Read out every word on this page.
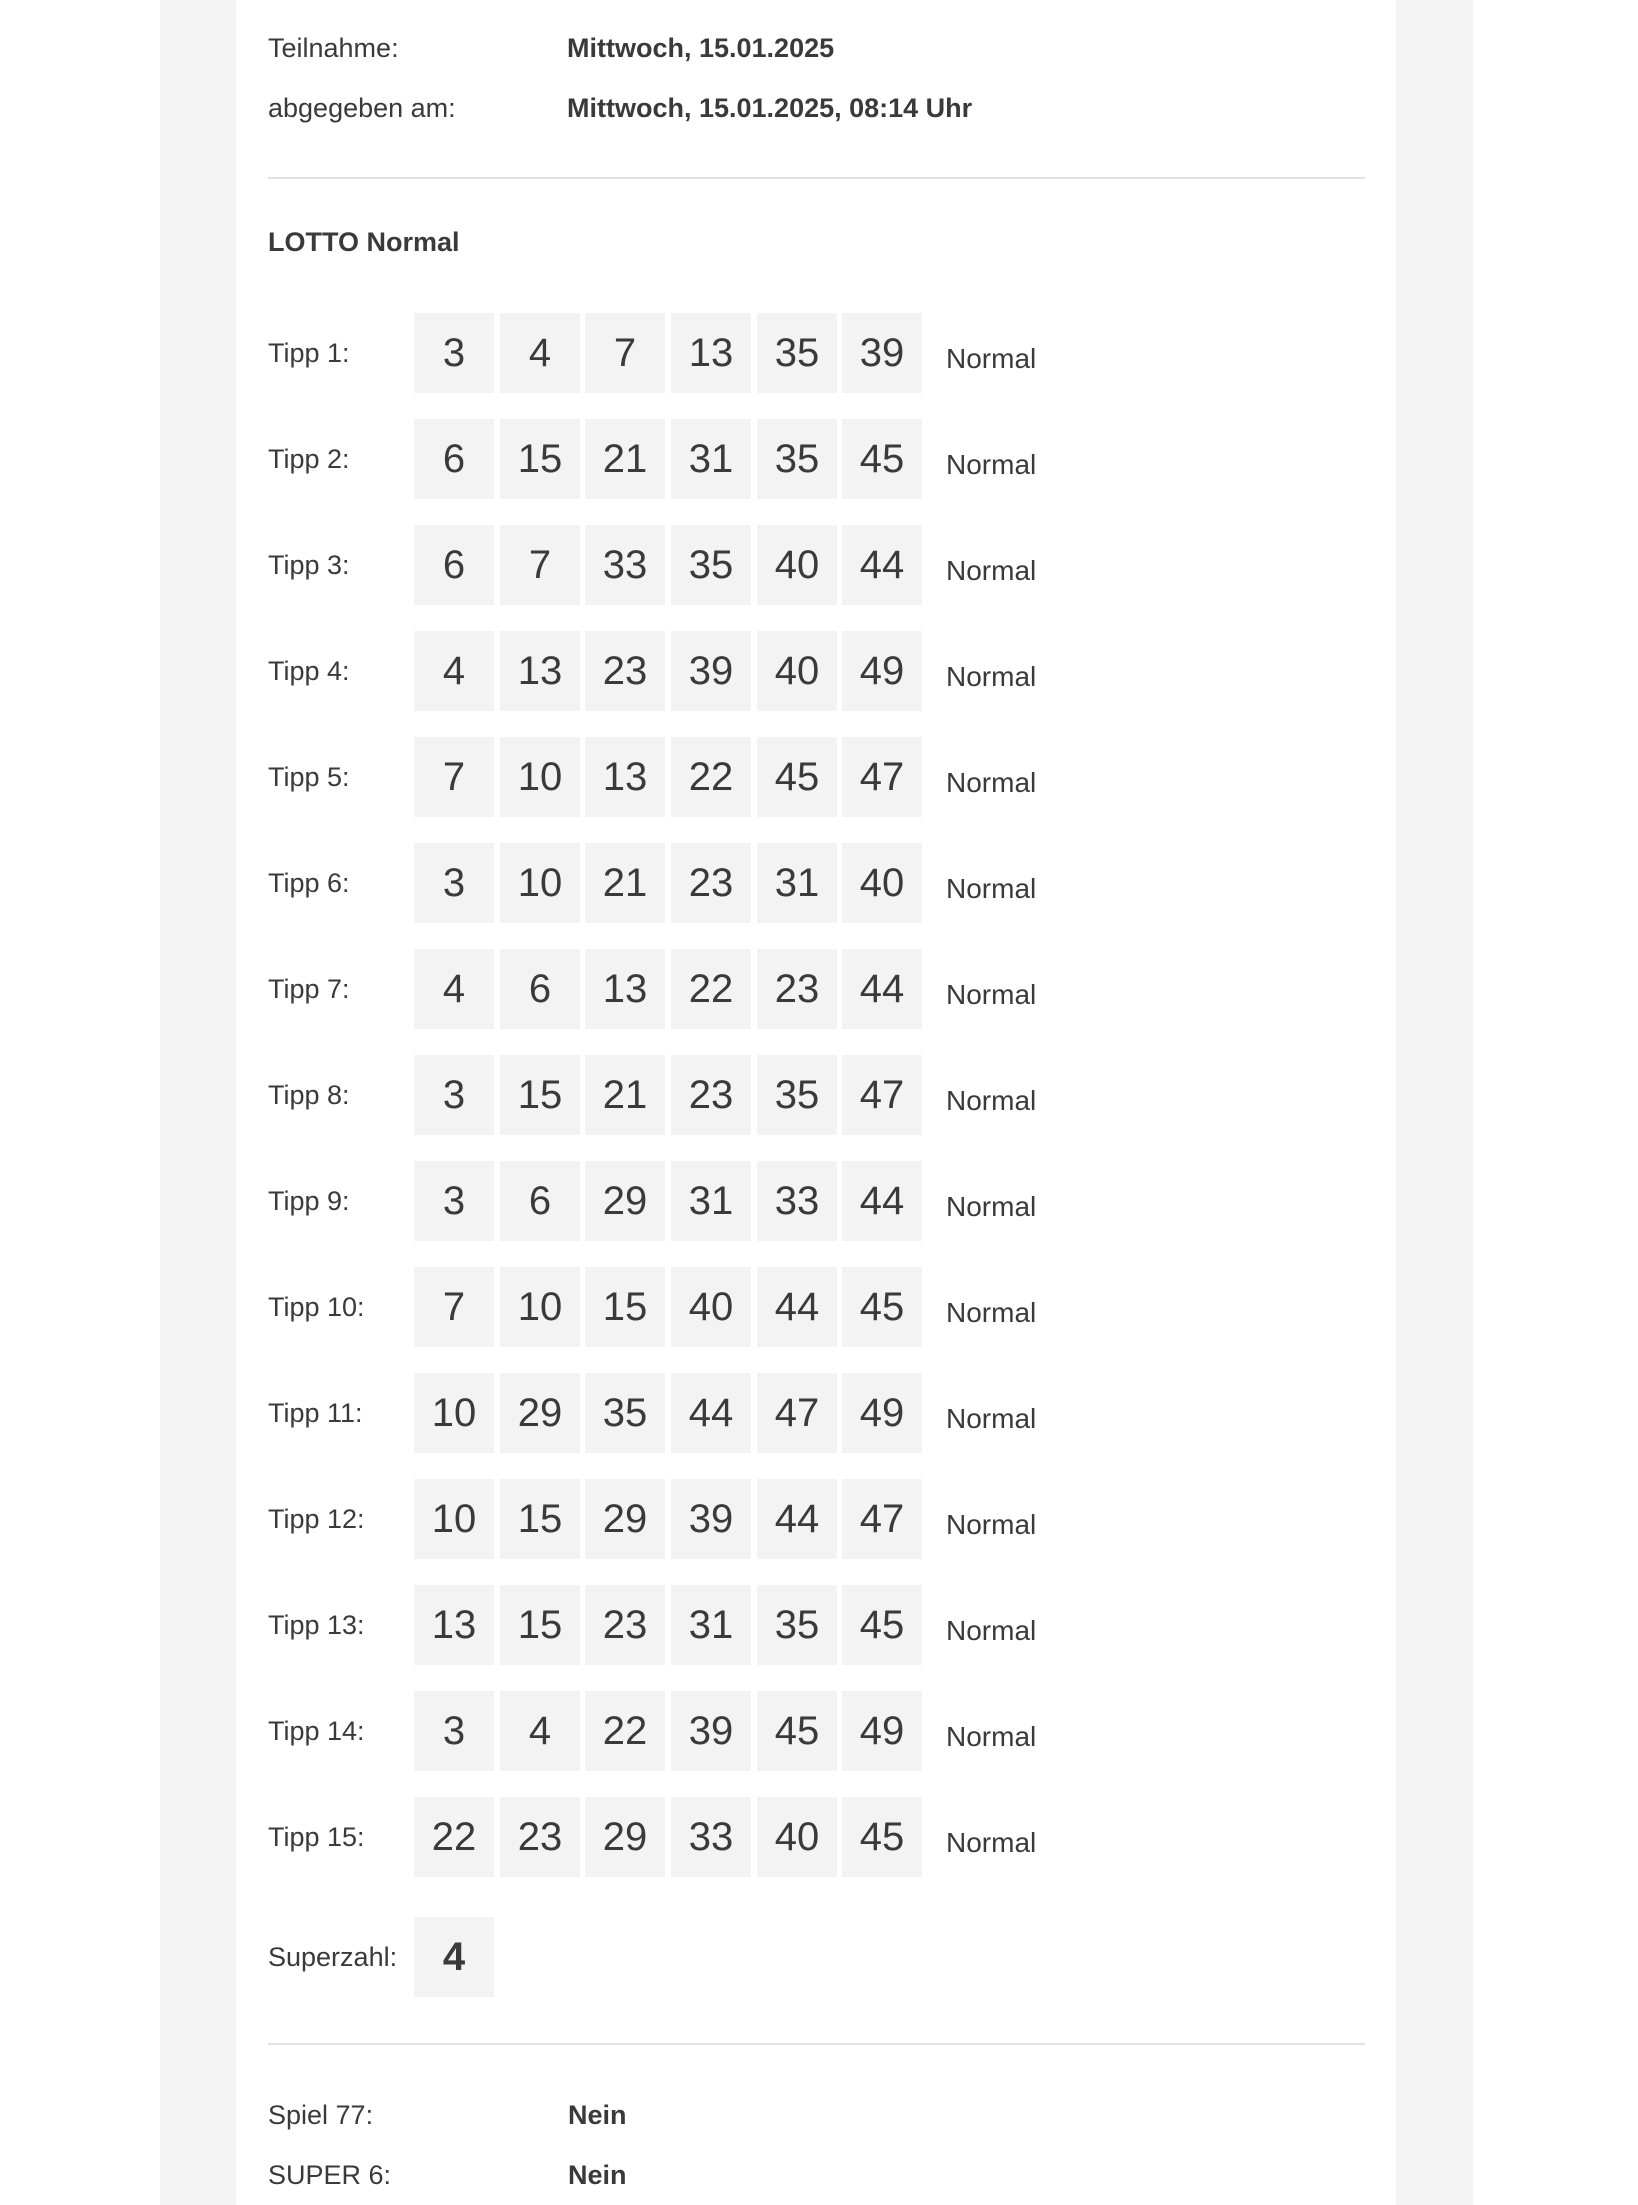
Teilnahme:	Mittwoch, 15.01.2025
abgegeben am:	Mittwoch, 15.01.2025, 08:14 Uhr
LOTTO Normal
Tipp 1:	3	4	7	13	35	39	Normal
Tipp 2:	6	15	21	31	35	45	Normal
Tipp 3:	6	7	33	35	40	44	Normal
Tipp 4:	4	13	23	39	40	49	Normal
Tipp 5:	7	10	13	22	45	47	Normal
Tipp 6:	3	10	21	23	31	40	Normal
Tipp 7:	4	6	13	22	23	44	Normal
Tipp 8:	3	15	21	23	35	47	Normal
Tipp 9:	3	6	29	31	33	44	Normal
Tipp 10:	7	10	15	40	44	45	Normal
Tipp 11:	10	29	35	44	47	49	Normal
Tipp 12:	10	15	29	39	44	47	Normal
Tipp 13:	13	15	23	31	35	45	Normal
Tipp 14:	3	4	22	39	45	49	Normal
Tipp 15:	22	23	29	33	40	45	Normal
Superzahl:	4
Spiel 77:	Nein
SUPER 6:	Nein
